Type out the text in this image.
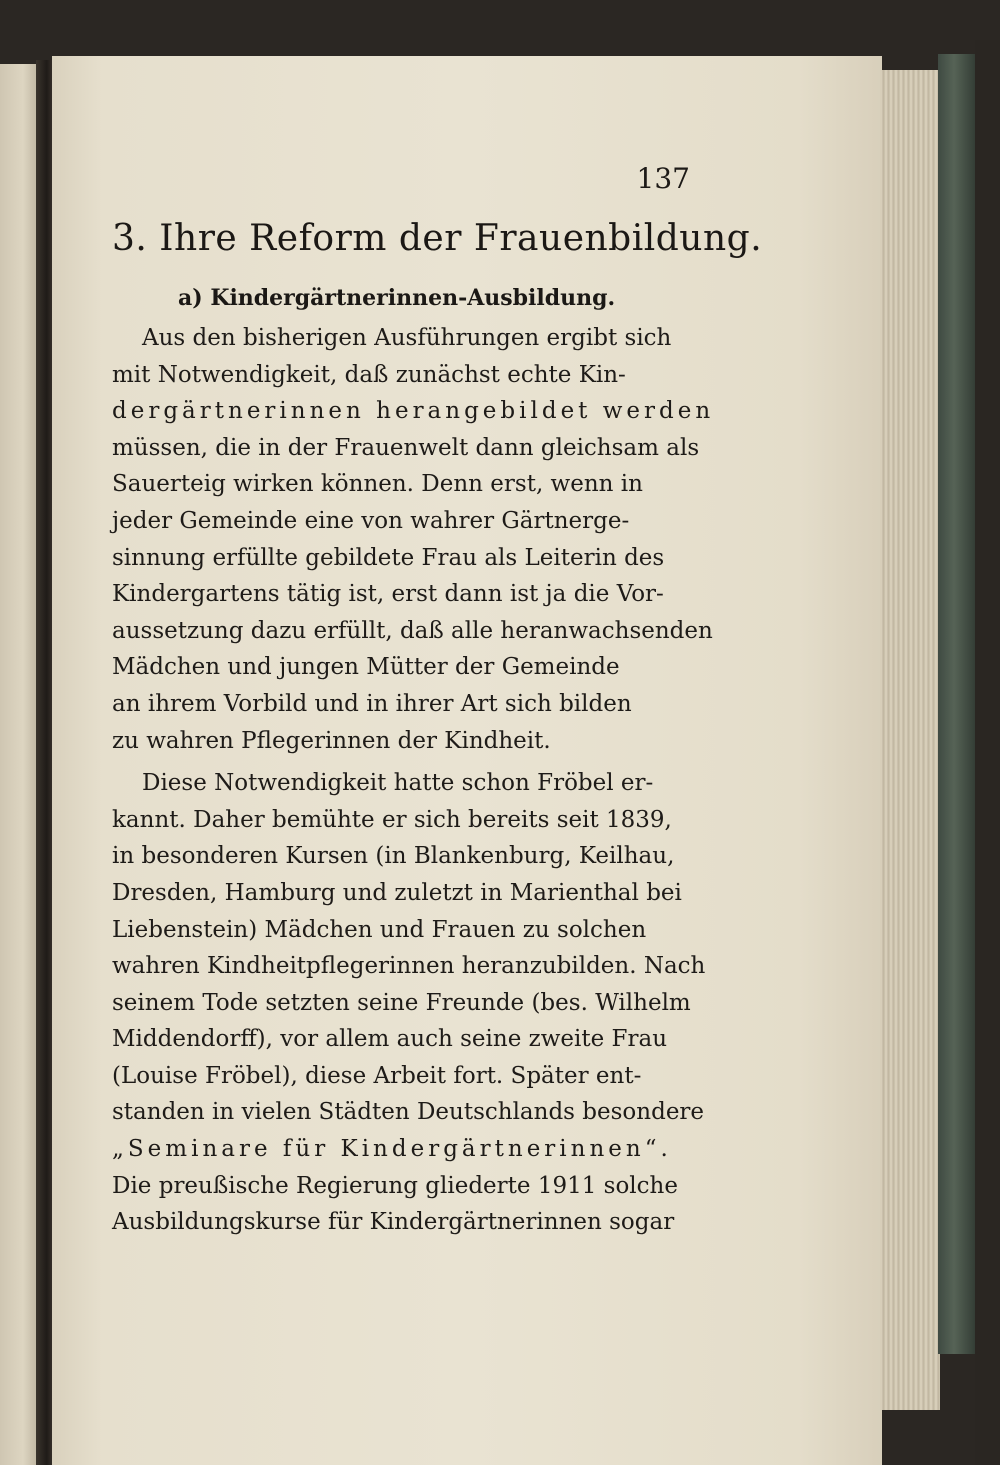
137
3. Ihre Reform der Frauenbildung.
a) Kindergärtnerinnen-Ausbildung.
Aus den bisherigen Ausführungen ergibt sich
mit Notwendigkeit, daß zunächst echte Kin-
dergärtnerinnen herangebildet werden
müssen, die in der Frauenwelt dann gleichsam als
Sauerteig wirken können. Denn erst, wenn in
jeder Gemeinde eine von wahrer Gärtnerge-
sinnung erfüllte gebildete Frau als Leiterin des
Kindergartens tätig ist, erst dann ist ja die Vor-
aussetzung dazu erfüllt, daß alle heranwachsenden
Mädchen und jungen Mütter der Gemeinde
an ihrem Vorbild und in ihrer Art sich bilden
zu wahren Pflegerinnen der Kindheit.
Diese Notwendigkeit hatte schon Fröbel er-
kannt. Daher bemühte er sich bereits seit 1839,
in besonderen Kursen (in Blankenburg, Keilhau,
Dresden, Hamburg und zuletzt in Marienthal bei
Liebenstein) Mädchen und Frauen zu solchen
wahren Kindheitpflegerinnen heranzubilden. Nach
seinem Tode setzten seine Freunde (bes. Wilhelm
Middendorff), vor allem auch seine zweite Frau
(Louise Fröbel), diese Arbeit fort. Später ent-
standen in vielen Städten Deutschlands besondere
„Seminare für Kindergärtnerinnen“.
Die preußische Regierung gliederte 1911 solche
Ausbildungskurse für Kindergärtnerinnen sogar
